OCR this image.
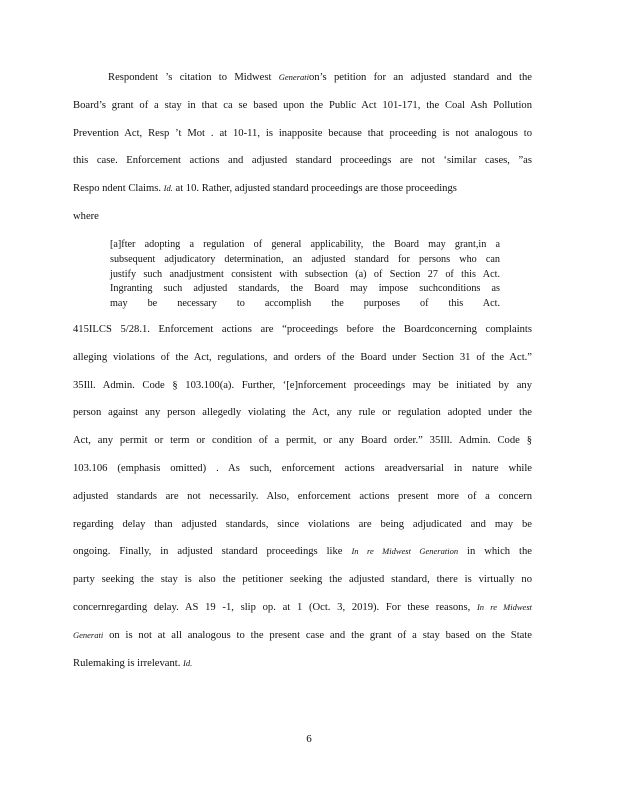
Respondent ’s citation to Midwest Generation’s petition for an adjusted standard and the
Board’s grant of a stay in that ca se based upon the Public Act 101-171, the Coal Ash Pollution
Prevention Act, Resp ’t Mot . at 10-11, is inapposite because that proceeding is not analogous to
this case. Enforcement actions and adjusted standard proceedings are not ‘similar cases, ”as
Respo ndent Claims. Id. at 10. Rather, adjusted standard proceedings are those proceedings
where
[a]fter adopting a regulation of general applicability, the Board may grant,in a
subsequent adjudicatory determination, an adjusted standard for persons who can
justify such anadjustment consistent with subsection (a) of Section 27 of this Act.
Ingranting such adjusted standards, the Board may impose suchconditions as
may be necessary to accomplish the purposes of this Act.
415ILCS 5/28.1. Enforcement actions are “proceedings before the Boardconcerning complaints
alleging violations of the Act, regulations, and orders of the Board under Section 31 of the Act.”
35Ill. Admin. Code § 103.100(a). Further, ‘[e]nforcement proceedings may be initiated by any
person against any person allegedly violating the Act, any rule or regulation adopted under the
Act, any permit or term or condition of a permit, or any Board order.” 35Ill. Admin. Code §
103.106 (emphasis omitted) . As such, enforcement actions areadversarial in nature while
adjusted standards are not necessarily. Also, enforcement actions present more of a concern
regarding delay than adjusted standards, since violations are being adjudicated and may be
ongoing. Finally, in adjusted standard proceedings like In re Midwest Generation in which the
party seeking the stay is also the petitioner seeking the adjusted standard, there is virtually no
concernregarding delay. AS 19 -1, slip op. at 1 (Oct. 3, 2019). For these reasons, In re Midwest
Generati on is not at all analogous to the present case and the grant of a stay based on the State
Rulemaking is irrelevant. Id.
6
